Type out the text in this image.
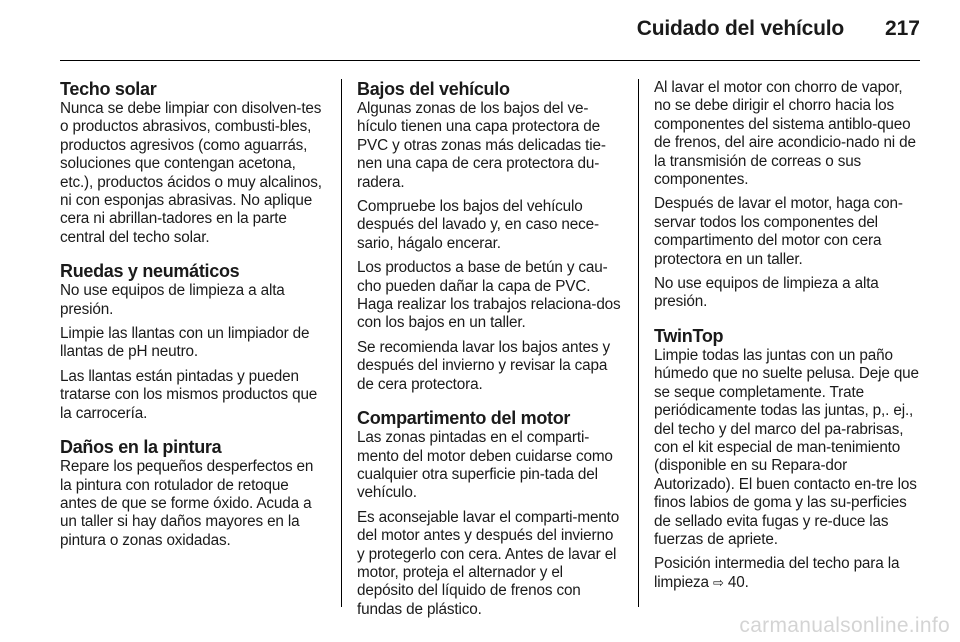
Cuidado del vehículo 217
Techo solar

Nunca se debe limpiar con disolven-tes o productos abrasivos, combusti-bles, productos agresivos (como aguarrás, soluciones que contengan acetona, etc.), productos ácidos o muy alcalinos, ni con esponjas abrasivas. No aplique cera ni abrillan-tadores en la parte central del techo solar.

Ruedas y neumáticos

No use equipos de limpieza a alta presión.

Limpie las llantas con un limpiador de llantas de pH neutro.

Las llantas están pintadas y pueden tratarse con los mismos productos que la carrocería.

Daños en la pintura

Repare los pequeños desperfectos en la pintura con rotulador de retoque antes de que se forme óxido. Acuda a un taller si hay daños mayores en la pintura o zonas oxidadas.

Bajos del vehículo

Algunas zonas de los bajos del ve-hículo tienen una capa protectora de PVC y otras zonas más delicadas tie-nen una capa de cera protectora du-radera.

Compruebe los bajos del vehículo después del lavado y, en caso nece-sario, hágalo encerar.

Los productos a base de betún y cau-cho pueden dañar la capa de PVC. Haga realizar los trabajos relaciona-dos con los bajos en un taller.

Se recomienda lavar los bajos antes y después del invierno y revisar la capa de cera protectora.

Compartimento del motor

Las zonas pintadas en el comparti-mento del motor deben cuidarse como cualquier otra superficie pin-tada del vehículo.

Es aconsejable lavar el comparti-mento del motor antes y después del invierno y protegerlo con cera. Antes de lavar el motor, proteja el alternador y el depósito del líquido de frenos con fundas de plástico.

Al lavar el motor con chorro de vapor, no se debe dirigir el chorro hacia los componentes del sistema antiblo-queo de frenos, del aire acondicio-nado ni de la transmisión de correas o sus componentes.

Después de lavar el motor, haga con-servar todos los componentes del compartimento del motor con cera protectora en un taller.

No use equipos de limpieza a alta presión.

TwinTop

Limpie todas las juntas con un paño húmedo que no suelte pelusa. Deje que se seque completamente. Trate periódicamente todas las juntas, p,. ej., del techo y del marco del pa-rabrisas, con el kit especial de man-tenimiento (disponible en su Repara-dor Autorizado). El buen contacto en-tre los finos labios de goma y las su-perficies de sellado evita fugas y re-duce las fuerzas de apriete.

Posición intermedia del techo para la limpieza ⇨ 40.

carmanualsonline.info
